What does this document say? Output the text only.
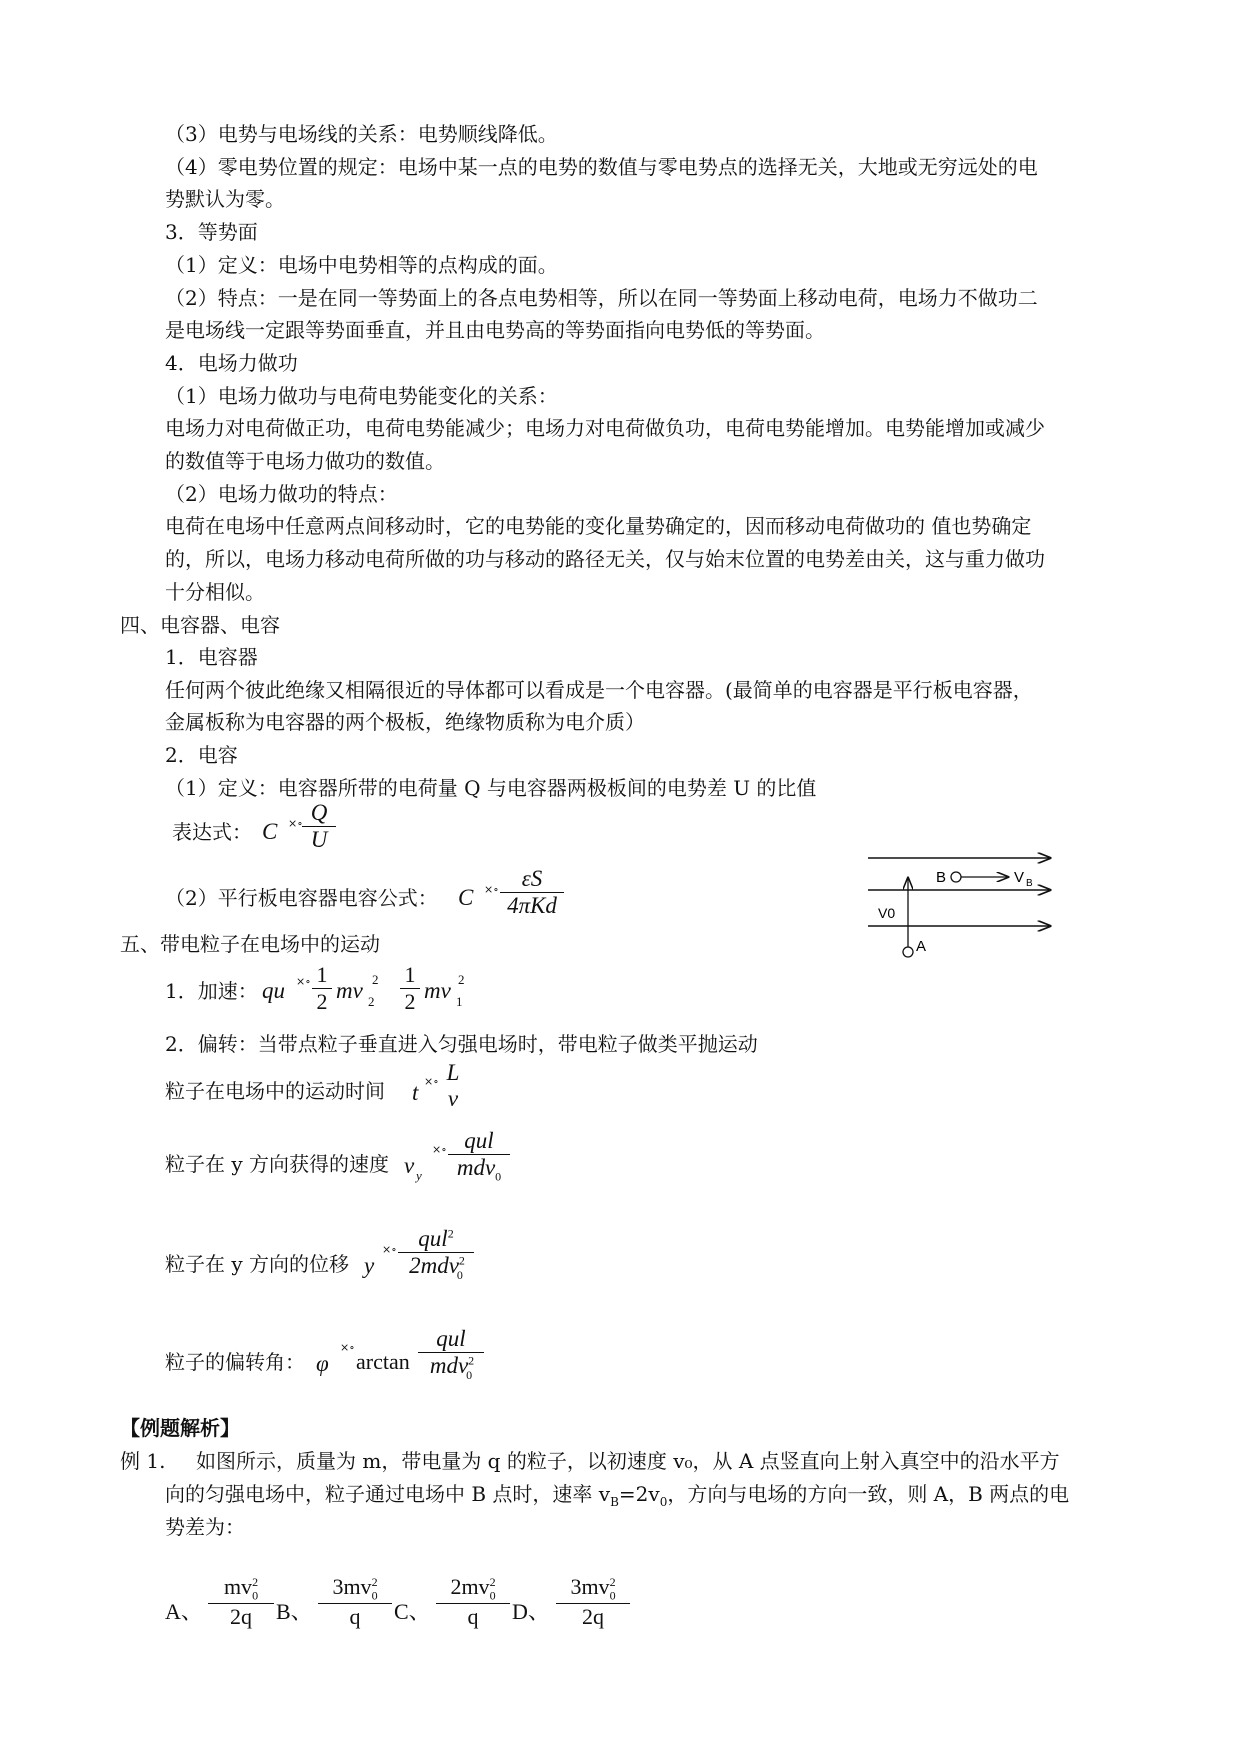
（3）电势与电场线的关系：电势顺线降低。
（4）零电势位置的规定：电场中某一点的电势的数值与零电势点的选择无关，大地或无穷远处的电
势默认为零。
3．等势面
（1）定义：电场中电势相等的点构成的面。
（2）特点：一是在同一等势面上的各点电势相等，所以在同一等势面上移动电荷，电场力不做功二
是电场线一定跟等势面垂直，并且由电势高的等势面指向电势低的等势面。
4．电场力做功
（1）电场力做功与电荷电势能变化的关系：
电场力对电荷做正功，电荷电势能减少；电场力对电荷做负功，电荷电势能增加。电势能增加或减少
的数值等于电场力做功的数值。
（2）电场力做功的特点：
电荷在电场中任意两点间移动时，它的电势能的变化量势确定的，因而移动电荷做功的 值也势确定
的，所以，电场力移动电荷所做的功与移动的路径无关，仅与始末位置的电势差由关，这与重力做功
十分相似。
四、电容器、电容
1．电容器
任何两个彼此绝缘又相隔很近的导体都可以看成是一个电容器。(最简单的电容器是平行板电容器，
金属板称为电容器的两个极板，绝缘物质称为电介质）
2．电容
（1）定义：电容器所带的电荷量 Q 与电容器两极板间的电势差 U 的比值
表达式： C ×∘ Q
U
（2）平行板电容器电容公式： C ×∘	εS
4πKd
五、带电粒子在电场中的运动
1．加速： qu ×∘ 1
2 mv 2
2 1
2 mv 1
2
2．偏转：当带点粒子垂直进入匀强电场时，带电粒子做类平抛运动
粒子在电场中的运动时间 t ×∘ L
v
粒子在 y 方向获得的速度 v y
×∘ qul
mdv$_0$
粒子在 y 方向的位移 y
×∘ qul$^2$
2mdv$^2_0$
粒子的偏转角： φ
×∘
arctan
qul
mdv$^2_0$
【例题解析】
例 1. 如图所示，质量为 m，带电量为 q 的粒子，以初速度 v₀，从 A 点竖直向上射入真空中的沿水平方
向的匀强电场中，粒子通过电场中 B 点时，速率 $v_B=2v_0$，方向与电场的方向一致，则 A，B 两点的电
势差为：
A、
$mv_0^2$
2q	B、
$3mv_0^2$
q	C、
$2mv_0^2$
q	D、
$3mv_0^2$
2q
B	V B
V0
A
